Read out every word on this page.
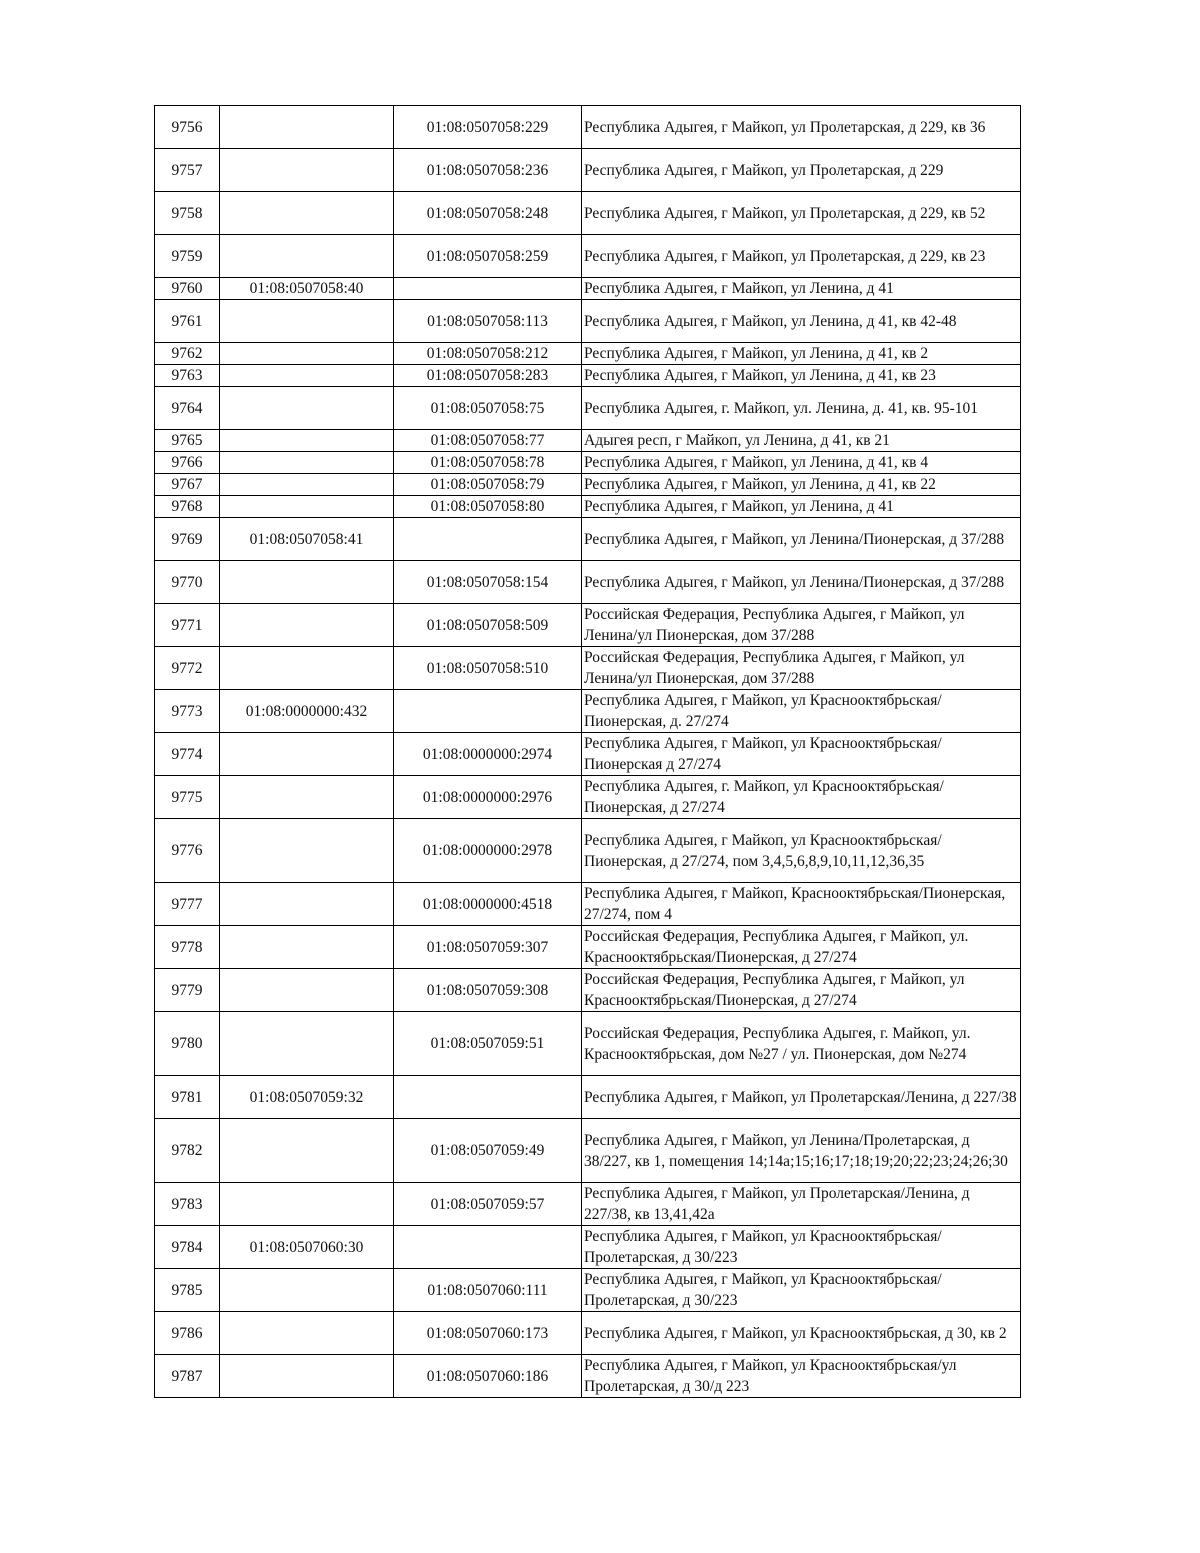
9756		01:08:0507058:229	Республика Адыгея, г Майкоп, ул Пролетарская, д 229, кв 36
9757		01:08:0507058:236	Республика Адыгея, г Майкоп, ул Пролетарская, д 229
9758		01:08:0507058:248	Республика Адыгея, г Майкоп, ул Пролетарская, д 229, кв 52
9759		01:08:0507058:259	Республика Адыгея, г Майкоп, ул Пролетарская, д 229, кв 23
9760	01:08:0507058:40		Республика Адыгея, г Майкоп, ул Ленина, д 41
9761		01:08:0507058:113	Республика Адыгея, г Майкоп, ул Ленина, д 41, кв 42-48
9762		01:08:0507058:212	Республика Адыгея, г Майкоп, ул Ленина, д 41, кв 2
9763		01:08:0507058:283	Республика Адыгея, г Майкоп, ул Ленина, д 41, кв 23
9764		01:08:0507058:75	Республика Адыгея, г. Майкоп, ул. Ленина, д. 41, кв. 95-101
9765		01:08:0507058:77	Адыгея респ, г Майкоп, ул Ленина, д 41, кв 21
9766		01:08:0507058:78	Республика Адыгея, г Майкоп, ул Ленина, д 41, кв 4
9767		01:08:0507058:79	Республика Адыгея, г Майкоп, ул Ленина, д 41, кв 22
9768		01:08:0507058:80	Республика Адыгея, г Майкоп, ул Ленина, д 41
9769	01:08:0507058:41		Республика Адыгея, г Майкоп, ул Ленина/Пионерская, д 37/288
9770		01:08:0507058:154	Республика Адыгея, г Майкоп, ул Ленина/Пионерская, д 37/288
9771		01:08:0507058:509	Российская Федерация, Республика Адыгея, г Майкоп, ул Ленина/ул Пионерская, дом 37/288
9772		01:08:0507058:510	Российская Федерация, Республика Адыгея, г Майкоп, ул Ленина/ул Пионерская, дом 37/288
9773	01:08:0000000:432		Республика Адыгея, г Майкоп, ул Краснооктябрьская/Пионерская, д. 27/274
9774		01:08:0000000:2974	Республика Адыгея, г Майкоп, ул Краснооктябрьская/Пионерская д 27/274
9775		01:08:0000000:2976	Республика Адыгея, г. Майкоп, ул Краснооктябрьская/Пионерская, д 27/274
9776		01:08:0000000:2978	Республика Адыгея, г Майкоп, ул Краснооктябрьская/Пионерская, д 27/274, пом 3,4,5,6,8,9,10,11,12,36,35
9777		01:08:0000000:4518	Республика Адыгея, г Майкоп, Краснооктябрьская/Пионерская, 27/274, пом 4
9778		01:08:0507059:307	Российская Федерация, Республика Адыгея, г Майкоп, ул. Краснооктябрьская/Пионерская, д 27/274
9779		01:08:0507059:308	Российская Федерация, Республика Адыгея, г Майкоп, ул Краснооктябрьская/Пионерская, д 27/274
9780		01:08:0507059:51	Российская Федерация, Республика Адыгея, г. Майкоп, ул. Краснооктябрьская, дом №27 / ул. Пионерская, дом №274
9781	01:08:0507059:32		Республика Адыгея, г Майкоп, ул Пролетарская/Ленина, д 227/38
9782		01:08:0507059:49	Республика Адыгея, г Майкоп, ул Ленина/Пролетарская, д 38/227, кв 1, помещения 14;14а;15;16;17;18;19;20;22;23;24;26;30
9783		01:08:0507059:57	Республика Адыгея, г Майкоп, ул Пролетарская/Ленина, д 227/38, кв 13,41,42а
9784	01:08:0507060:30		Республика Адыгея, г Майкоп, ул Краснооктябрьская/Пролетарская, д 30/223
9785		01:08:0507060:111	Республика Адыгея, г Майкоп, ул Краснооктябрьская/Пролетарская, д 30/223
9786		01:08:0507060:173	Республика Адыгея, г Майкоп, ул Краснооктябрьская, д 30, кв 2
9787		01:08:0507060:186	Республика Адыгея, г Майкоп, ул Краснооктябрьская/ул Пролетарская, д 30/д 223
